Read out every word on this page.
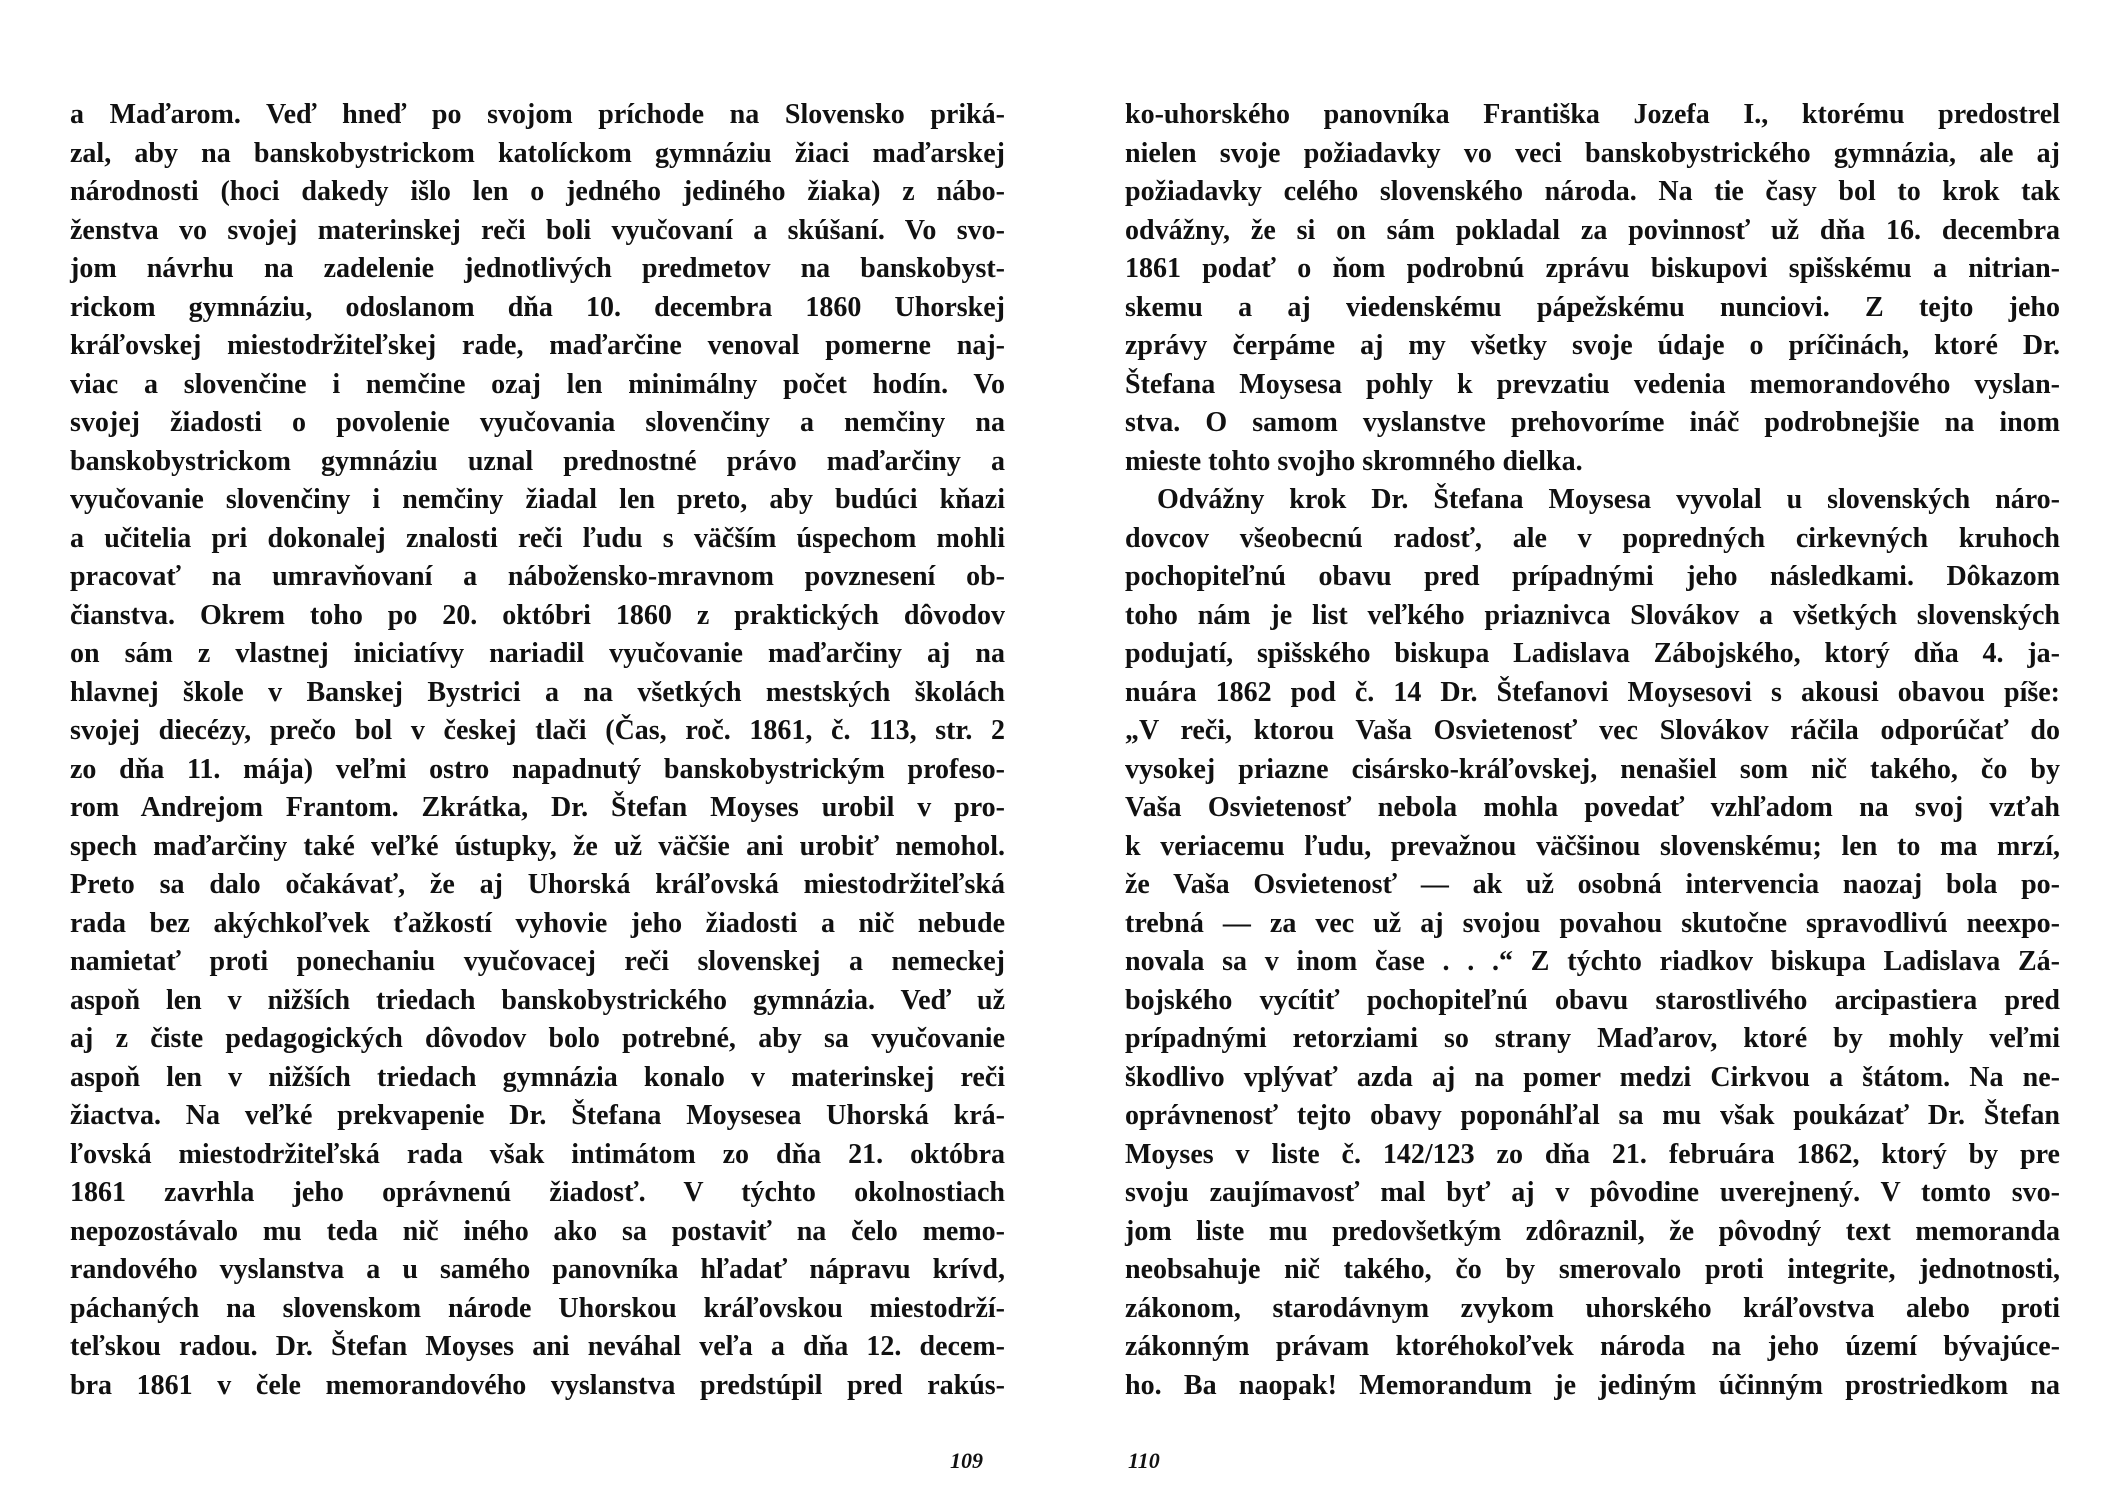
a Maďarom. Veď hneď po svojom príchode na Slovensko priká-
zal, aby na banskobystrickom katolíckom gymnáziu žiaci maďarskej
národnosti (hoci dakedy išlo len o jedného jediného žiaka) z nábo-
ženstva vo svojej materinskej reči boli vyučovaní a skúšaní. Vo svo-
jom návrhu na zadelenie jednotlivých predmetov na banskobyst-
rickom gymnáziu, odoslanom dňa 10. decembra 1860 Uhorskej
kráľovskej miestodržiteľskej rade, maďarčine venoval pomerne naj-
viac a slovenčine i nemčine ozaj len minimálny počet hodín. Vo
svojej žiadosti o povolenie vyučovania slovenčiny a nemčiny na
banskobystrickom gymnáziu uznal prednostné právo maďarčiny a
vyučovanie slovenčiny i nemčiny žiadal len preto, aby budúci kňazi
a učitelia pri dokonalej znalosti reči ľudu s väčším úspechom mohli
pracovať na umravňovaní a nábožensko-mravnom povznesení ob-
čianstva. Okrem toho po 20. októbri 1860 z praktických dôvodov
on sám z vlastnej iniciatívy nariadil vyučovanie maďarčiny aj na
hlavnej škole v Banskej Bystrici a na všetkých mestských školách
svojej diecézy, prečo bol v českej tlači (Čas, roč. 1861, č. 113, str. 2
zo dňa 11. mája) veľmi ostro napadnutý banskobystrickým profeso-
rom Andrejom Frantom. Zkrátka, Dr. Štefan Moyses urobil v pro-
spech maďarčiny také veľké ústupky, že už väčšie ani urobiť nemohol.
Preto sa dalo očakávať, že aj Uhorská kráľovská miestodržiteľská
rada bez akýchkoľvek ťažkostí vyhovie jeho žiadosti a nič nebude
namietať proti ponechaniu vyučovacej reči slovenskej a nemeckej
aspoň len v nižších triedach banskobystrického gymnázia. Veď už
aj z čiste pedagogických dôvodov bolo potrebné, aby sa vyučovanie
aspoň len v nižších triedach gymnázia konalo v materinskej reči
žiactva. Na veľké prekvapenie Dr. Štefana Moysesea Uhorská krá-
ľovská miestodržiteľská rada však intimátom zo dňa 21. októbra
1861 zavrhla jeho oprávnenú žiadosť. V týchto okolnostiach
nepozostávalo mu teda nič iného ako sa postaviť na čelo memo-
randového vyslanstva a u samého panovníka hľadať nápravu krívd,
páchaných na slovenskom národe Uhorskou kráľovskou miestodrží-
teľskou radou. Dr. Štefan Moyses ani neváhal veľa a dňa 12. decem-
bra 1861 v čele memorandového vyslanstva predstúpil pred rakús-
ko-uhorského panovníka Františka Jozefa I., ktorému predostrel
nielen svoje požiadavky vo veci banskobystrického gymnázia, ale aj
požiadavky celého slovenského národa. Na tie časy bol to krok tak
odvážny, že si on sám pokladal za povinnosť už dňa 16. decembra
1861 podať o ňom podrobnú zprávu biskupovi spišskému a nitrian-
skemu a aj viedenskému pápežskému nunciovi. Z tejto jeho
zprávy čerpáme aj my všetky svoje údaje o príčinách, ktoré Dr.
Štefana Moysesa pohly k prevzatiu vedenia memorandového vyslan-
stva. O samom vyslanstve prehovoríme ináč podrobnejšie na inom
mieste tohto svojho skromného dielka.
Odvážny krok Dr. Štefana Moysesa vyvolal u slovenských náro-
dovcov všeobecnú radosť, ale v popredných cirkevných kruhoch
pochopiteľnú obavu pred prípadnými jeho následkami. Dôkazom
toho nám je list veľkého priaznivca Slovákov a všetkých slovenských
podujatí, spišského biskupa Ladislava Zábojského, ktorý dňa 4. ja-
nuára 1862 pod č. 14 Dr. Štefanovi Moysesovi s akousi obavou píše:
„V reči, ktorou Vaša Osvietenosť vec Slovákov ráčila odporúčať do
vysokej priazne cisársko-kráľovskej, nenašiel som nič takého, čo by
Vaša Osvietenosť nebola mohla povedať vzhľadom na svoj vzťah
k veriacemu ľudu, prevažnou väčšinou slovenskému; len to ma mrzí,
že Vaša Osvietenosť — ak už osobná intervencia naozaj bola po-
trebná — za vec už aj svojou povahou skutočne spravodlivú neexpo-
novala sa v inom čase . . .“ Z týchto riadkov biskupa Ladislava Zá-
bojského vycítiť pochopiteľnú obavu starostlivého arcipastiera pred
prípadnými retorziami so strany Maďarov, ktoré by mohly veľmi
škodlivo vplývať azda aj na pomer medzi Cirkvou a štátom. Na ne-
oprávnenosť tejto obavy poponáhľal sa mu však poukázať Dr. Štefan
Moyses v liste č. 142/123 zo dňa 21. februára 1862, ktorý by pre
svoju zaujímavosť mal byť aj v pôvodine uverejnený. V tomto svo-
jom liste mu predovšetkým zdôraznil, že pôvodný text memoranda
neobsahuje nič takého, čo by smerovalo proti integrite, jednotnosti,
zákonom, starodávnym zvykom uhorského kráľovstva alebo proti
zákonným právam ktoréhokoľvek národa na jeho území bývajúce-
ho. Ba naopak! Memorandum je jediným účinným prostriedkom na
109	110
